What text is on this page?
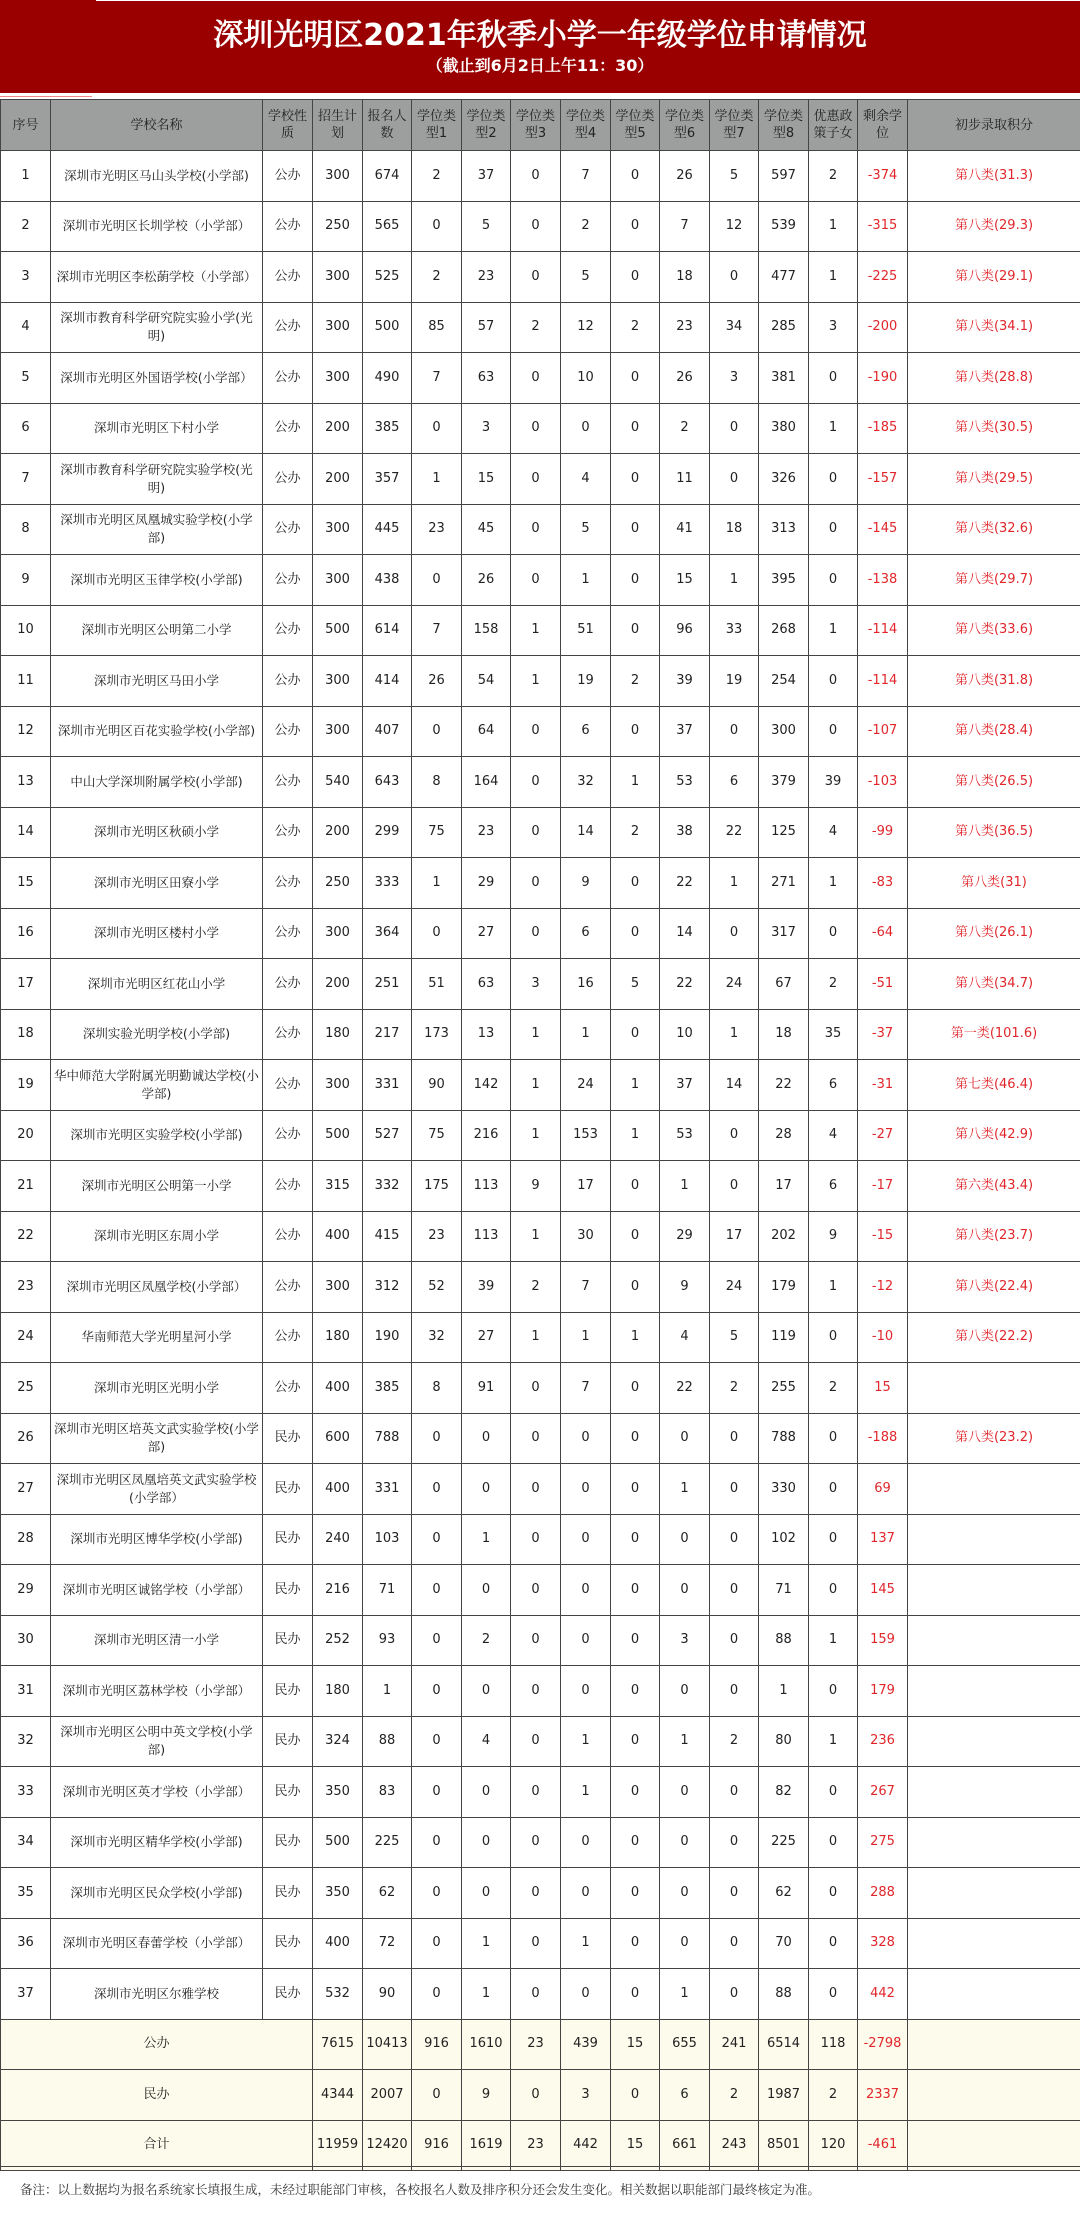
深圳光明区2021年秋季小学一年级学位申请情况
（截止到6月2日上午11：30）
序号	学校名称	学校性质	招生计划	报名人数	学位类型1	学位类型2	学位类型3	学位类型4	学位类型5	学位类型6	学位类型7	学位类型8	优惠政策子女	剩余学位	初步录取积分
1	深圳市光明区马山头学校(小学部)	公办	300	674	2	37	0	7	0	26	5	597	2	-374	第八类(31.3)
2	深圳市光明区长圳学校（小学部）	公办	250	565	0	5	0	2	0	7	12	539	1	-315	第八类(29.3)
3	深圳市光明区李松蓢学校（小学部）	公办	300	525	2	23	0	5	0	18	0	477	1	-225	第八类(29.1)
4	深圳市教育科学研究院实验小学(光明)	公办	300	500	85	57	2	12	2	23	34	285	3	-200	第八类(34.1)
5	深圳市光明区外国语学校(小学部）	公办	300	490	7	63	0	10	0	26	3	381	0	-190	第八类(28.8)
6	深圳市光明区下村小学	公办	200	385	0	3	0	0	0	2	0	380	1	-185	第八类(30.5)
7	深圳市教育科学研究院实验学校(光明)	公办	200	357	1	15	0	4	0	11	0	326	0	-157	第八类(29.5)
8	深圳市光明区凤凰城实验学校(小学部)	公办	300	445	23	45	0	5	0	41	18	313	0	-145	第八类(32.6)
9	深圳市光明区玉律学校(小学部)	公办	300	438	0	26	0	1	0	15	1	395	0	-138	第八类(29.7)
10	深圳市光明区公明第二小学	公办	500	614	7	158	1	51	0	96	33	268	1	-114	第八类(33.6)
11	深圳市光明区马田小学	公办	300	414	26	54	1	19	2	39	19	254	0	-114	第八类(31.8)
12	深圳市光明区百花实验学校(小学部)	公办	300	407	0	64	0	6	0	37	0	300	0	-107	第八类(28.4)
13	中山大学深圳附属学校(小学部)	公办	540	643	8	164	0	32	1	53	6	379	39	-103	第八类(26.5)
14	深圳市光明区秋硕小学	公办	200	299	75	23	0	14	2	38	22	125	4	-99	第八类(36.5)
15	深圳市光明区田寮小学	公办	250	333	1	29	0	9	0	22	1	271	1	-83	第八类(31)
16	深圳市光明区楼村小学	公办	300	364	0	27	0	6	0	14	0	317	0	-64	第八类(26.1)
17	深圳市光明区红花山小学	公办	200	251	51	63	3	16	5	22	24	67	2	-51	第八类(34.7)
18	深圳实验光明学校(小学部)	公办	180	217	173	13	1	1	0	10	1	18	35	-37	第一类(101.6)
19	华中师范大学附属光明勤诚达学校(小学部)	公办	300	331	90	142	1	24	1	37	14	22	6	-31	第七类(46.4)
20	深圳市光明区实验学校(小学部)	公办	500	527	75	216	1	153	1	53	0	28	4	-27	第八类(42.9)
21	深圳市光明区公明第一小学	公办	315	332	175	113	9	17	0	1	0	17	6	-17	第六类(43.4)
22	深圳市光明区东周小学	公办	400	415	23	113	1	30	0	29	17	202	9	-15	第八类(23.7)
23	深圳市光明区凤凰学校(小学部）	公办	300	312	52	39	2	7	0	9	24	179	1	-12	第八类(22.4)
24	华南师范大学光明星河小学	公办	180	190	32	27	1	1	1	4	5	119	0	-10	第八类(22.2)
25	深圳市光明区光明小学	公办	400	385	8	91	0	7	0	22	2	255	2	15	
26	深圳市光明区培英文武实验学校(小学部)	民办	600	788	0	0	0	0	0	0	0	788	0	-188	第八类(23.2)
27	深圳市光明区凤凰培英文武实验学校(小学部）	民办	400	331	0	0	0	0	0	1	0	330	0	69	
28	深圳市光明区博华学校(小学部)	民办	240	103	0	1	0	0	0	0	0	102	0	137	
29	深圳市光明区诚铭学校（小学部）	民办	216	71	0	0	0	0	0	0	0	71	0	145	
30	深圳市光明区清一小学	民办	252	93	0	2	0	0	0	3	0	88	1	159	
31	深圳市光明区荔林学校（小学部）	民办	180	1	0	0	0	0	0	0	0	1	0	179	
32	深圳市光明区公明中英文学校(小学部)	民办	324	88	0	4	0	1	0	1	2	80	1	236	
33	深圳市光明区英才学校（小学部）	民办	350	83	0	0	0	1	0	0	0	82	0	267	
34	深圳市光明区精华学校(小学部)	民办	500	225	0	0	0	0	0	0	0	225	0	275	
35	深圳市光明区民众学校(小学部)	民办	350	62	0	0	0	0	0	0	0	62	0	288	
36	深圳市光明区春蕾学校（小学部）	民办	400	72	0	1	0	1	0	0	0	70	0	328	
37	深圳市光明区尔雅学校	民办	532	90	0	1	0	0	0	1	0	88	0	442	
公办			7615	10413	916	1610	23	439	15	655	241	6514	118	-2798	
民办			4344	2007	0	9	0	3	0	6	2	1987	2	2337	
合计			11959	12420	916	1619	23	442	15	661	243	8501	120	-461	
备注：以上数据均为报名系统家长填报生成，未经过职能部门审核，各校报名人数及排序积分还会发生变化。相关数据以职能部门最终核定为准。
